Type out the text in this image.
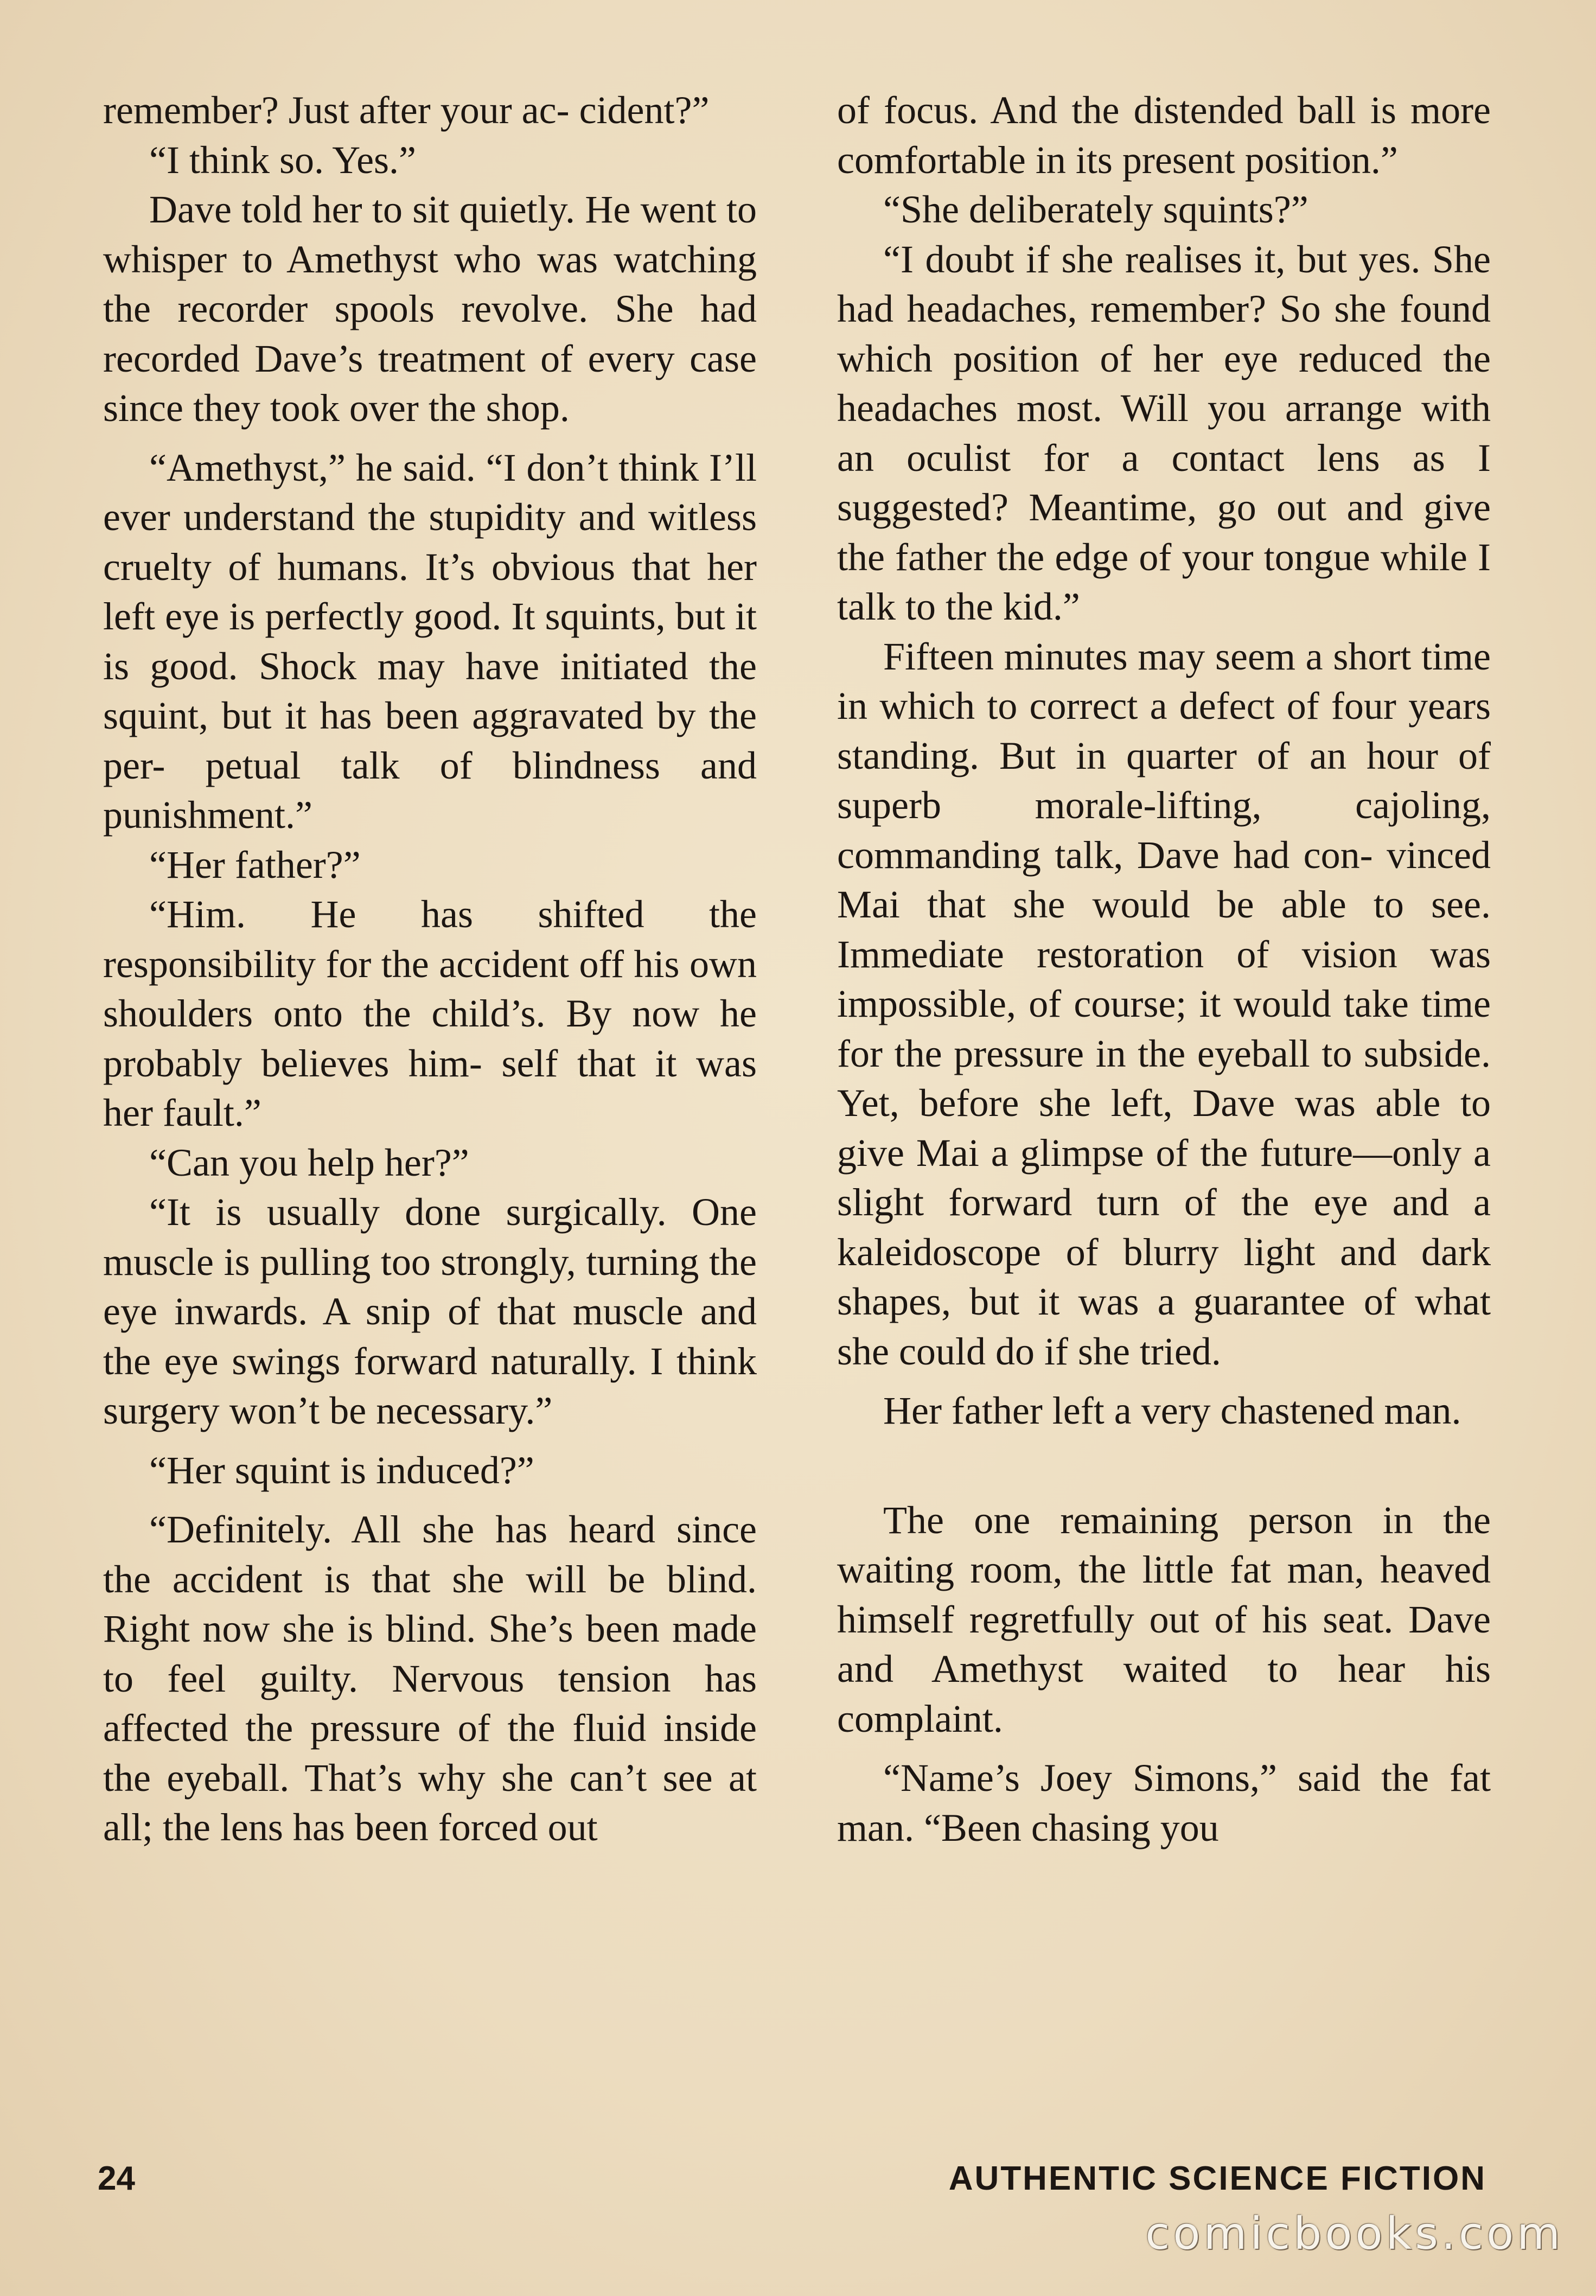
remember? Just after your ac- cident?”

“I think so. Yes.”

Dave told her to sit quietly. He went to whisper to Amethyst who was watching the recorder spools revolve. She had recorded Dave’s treatment of every case since they took over the shop.

“Amethyst,” he said. “I don’t think I’ll ever understand the stupidity and witless cruelty of humans. It’s obvious that her left eye is perfectly good. It squints, but it is good. Shock may have initiated the squint, but it has been aggravated by the per- petual talk of blindness and punishment.”

“Her father?”

“Him. He has shifted the responsibility for the accident off his own shoulders onto the child’s. By now he probably believes him- self that it was her fault.”

“Can you help her?”

“It is usually done surgically. One muscle is pulling too strongly, turning the eye inwards. A snip of that muscle and the eye swings forward naturally. I think surgery won’t be necessary.”

“Her squint is induced?”

“Definitely. All she has heard since the accident is that she will be blind. Right now she is blind. She’s been made to feel guilty. Nervous tension has affected the pressure of the fluid inside the eyeball. That’s why she can’t see at all; the lens has been forced out

of focus. And the distended ball is more comfortable in its present position.”

“She deliberately squints?”

“I doubt if she realises it, but yes. She had headaches, remember? So she found which position of her eye reduced the headaches most. Will you arrange with an oculist for a contact lens as I suggested? Meantime, go out and give the father the edge of your tongue while I talk to the kid.”

Fifteen minutes may seem a short time in which to correct a defect of four years standing. But in quarter of an hour of superb morale-lifting, cajoling, commanding talk, Dave had con- vinced Mai that she would be able to see. Immediate restoration of vision was impossible, of course; it would take time for the pressure in the eyeball to subside. Yet, before she left, Dave was able to give Mai a glimpse of the future—only a slight forward turn of the eye and a kaleidoscope of blurry light and dark shapes, but it was a guarantee of what she could do if she tried.

Her father left a very chastened man.

The one remaining person in the waiting room, the little fat man, heaved himself regretfully out of his seat. Dave and Amethyst waited to hear his complaint.

“Name’s Joey Simons,” said the fat man. “Been chasing you

24	AUTHENTIC SCIENCE FICTION
comicbooks.com
